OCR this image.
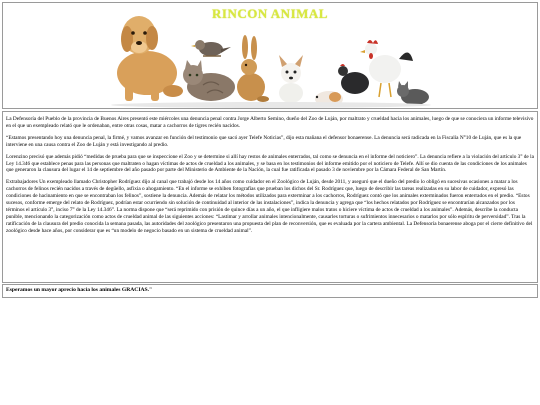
RINCON ANIMAL

La Defensoría del Pueblo de la provincia de Buenos Aires presentó este miércoles una denuncia penal contra Jorge Alberto Semino, dueño del Zoo de Luján, por maltrato y crueldad hacia los animales, luego de que se conociera un informe televisivo en el que un exempleado relató que le ordenaban, entre otras cosas, matar a cachorros de tigres recién nacidos.

“Estamos presentando hoy una denuncia penal, la firmé, y vamos avanzar en función del testimonio que sacó ayer Telefe Noticias”, dijo esta mañana el defensor bonaerense. La denuncia será radicada en la Fiscalía N°10 de Luján, que es la que interviene en una causa contra el Zoo de Luján y está investigando al predio.

Lorenzino precisó que además pidió “medidas de prueba para que se inspeccione el Zoo y se determine si allí hay restos de animales enterrados, tal como se denuncia en el informe del noticiero”. La denuncia refiere a la violación del artículo 3° de la Ley 14.346 que establece penas para las personas que maltraten o hagan víctimas de actos de crueldad a los animales, y se basa en los testimonios del informe emitido por el noticiero de Telefe. Allí se dio cuenta de las condiciones de los animales que generaron la clausura del lugar el 14 de septiembre del año pasado por parte del Ministerio de Ambiente de la Nación, la cual fue ratificada el pasado 3 de noviembre por la Cámara Federal de San Martín.

Extrabajadores Un exempleado llamado Christopher Rodríguez dijo al canal que trabajó desde los 14 años como cuidador en el Zoológico de Luján, desde 2011, y aseguró que el dueño del predio lo obligó en sucesivas ocasiones a matar a los cachorros de felinos recién nacidos a través de degüello, asfixia o ahogamiento. “En el informe se exhiben fotografías que prueban los dichos del Sr. Rodríguez que, luego de describir las tareas realizadas en su labor de cuidador, expresó las condiciones de hacinamiento en que se encontraban los felinos”, sostiene la denuncia. Además de relatar los métodos utilizados para exterminar a los cachorros, Rodríguez contó que los animales exterminados fueron enterrados en el predio. “Estos sucesos, conforme emerge del relato de Rodríguez, podrían estar ocurriendo sin solución de continuidad al interior de las instalaciones”, indica la denuncia y agrega que “los hechos relatados por Rodríguez se encontrarían alcanzados por los términos el artículo 3°, inciso 7° de la Ley 14.346”. La norma dispone que “será reprimido con prisión de quince días a un año, el que infligiere malos tratos o hiciere víctima de actos de crueldad a los animales”. Además, describe la conducta punible, mencionando la categorización como actos de crueldad animal de las siguientes acciones: “Lastimar y arrollar animales intencionalmente, causarles torturas o sufrimientos innecesarios o matarlos por sólo espíritu de perversidad”. Tras la ratificación de la clausura del predio conocida la semana pasada, las autoridades del zoológico presentaron una propuesta del plan de reconversión, que es evaluada por la cartera ambiental. La Defensoría bonaerense aboga por el cierre definitivo del zoológico desde hace años, por considerar que es “un modelo de negocio basado en un sistema de crueldad animal”.

Esperamos un mayor aprecio hacia los animales GRACIAS."
